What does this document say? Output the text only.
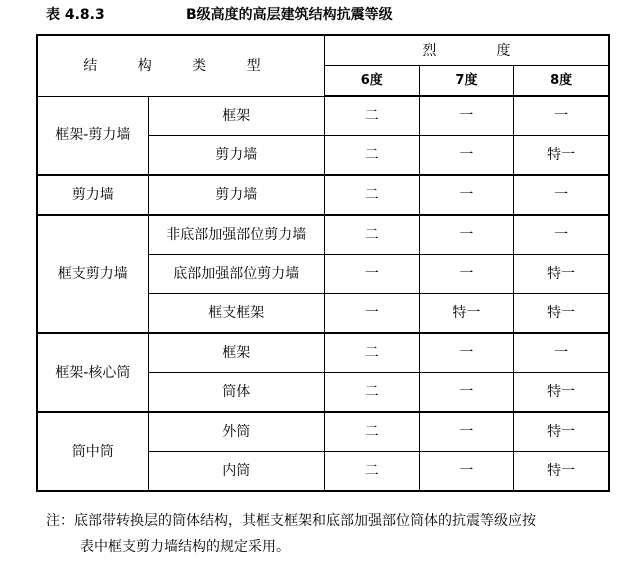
表 4.8.3	B级高度的高层建筑结构抗震等级
结 构 类 型		烈 度		
		6度	7度	8度
框架-剪力墙	框架	二	一	一
	剪力墙	二	一	特一
剪力墙	剪力墙	二	一	一
框支剪力墙	非底部加强部位剪力墙	二	一	一
	底部加强部位剪力墙	一	一	特一
	框支框架	一	特一	特一
框架-核心筒	框架	二	一	一
	筒体	二	一	特一
筒中筒	外筒	二	一	特一
	内筒	二	一	特一
注：底部带转换层的筒体结构，其框支框架和底部加强部位筒体的抗震等级应按
表中框支剪力墙结构的规定采用。
